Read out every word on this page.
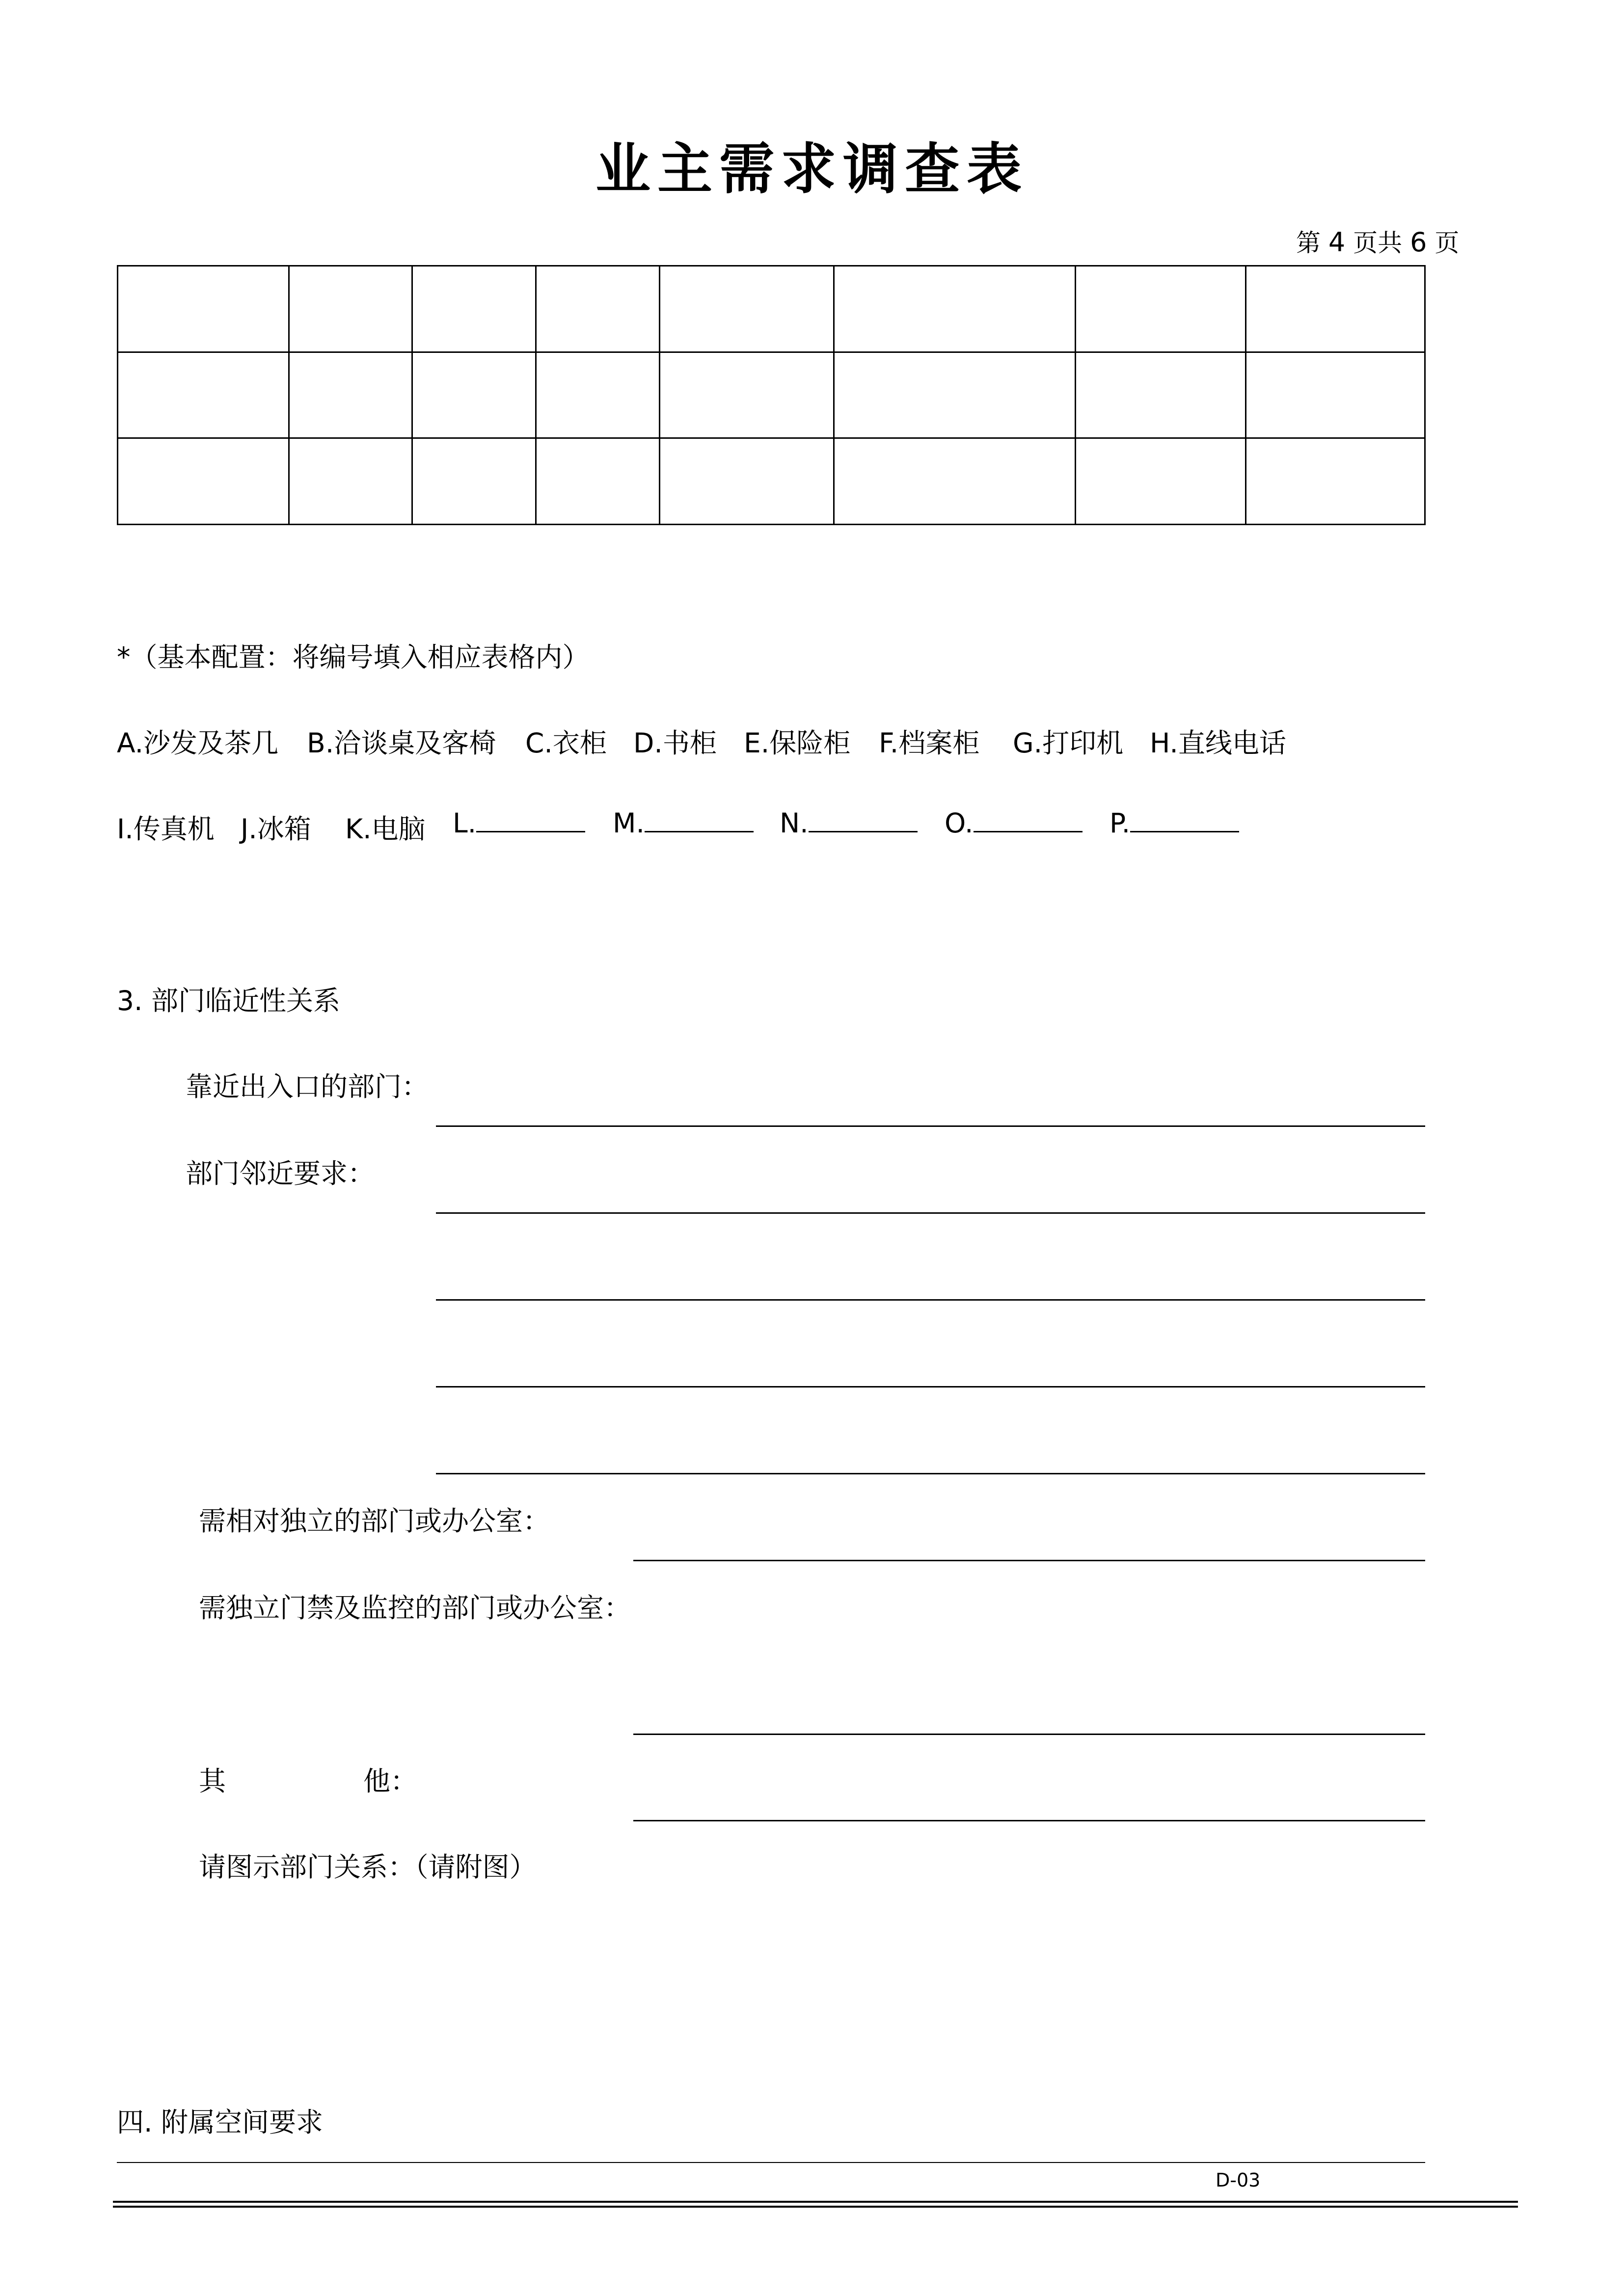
业主需求调查表
第 4 页共 6 页

*（基本配置：将编号填入相应表格内）
A.沙发及茶几 B.洽谈桌及客椅 C.衣柜 D.书柜 E.保险柜 F.档案柜 G.打印机 H.直线电话
I.传真机 J.冰箱 K.电脑 L.	M.	N.	O.	P.
3. 部门临近性关系
靠近出入口的部门：
部门邻近要求：
需相对独立的部门或办公室：
需独立门禁及监控的部门或办公室：
其	他：
请图示部门关系：（请附图）
四. 附属空间要求
D-03
